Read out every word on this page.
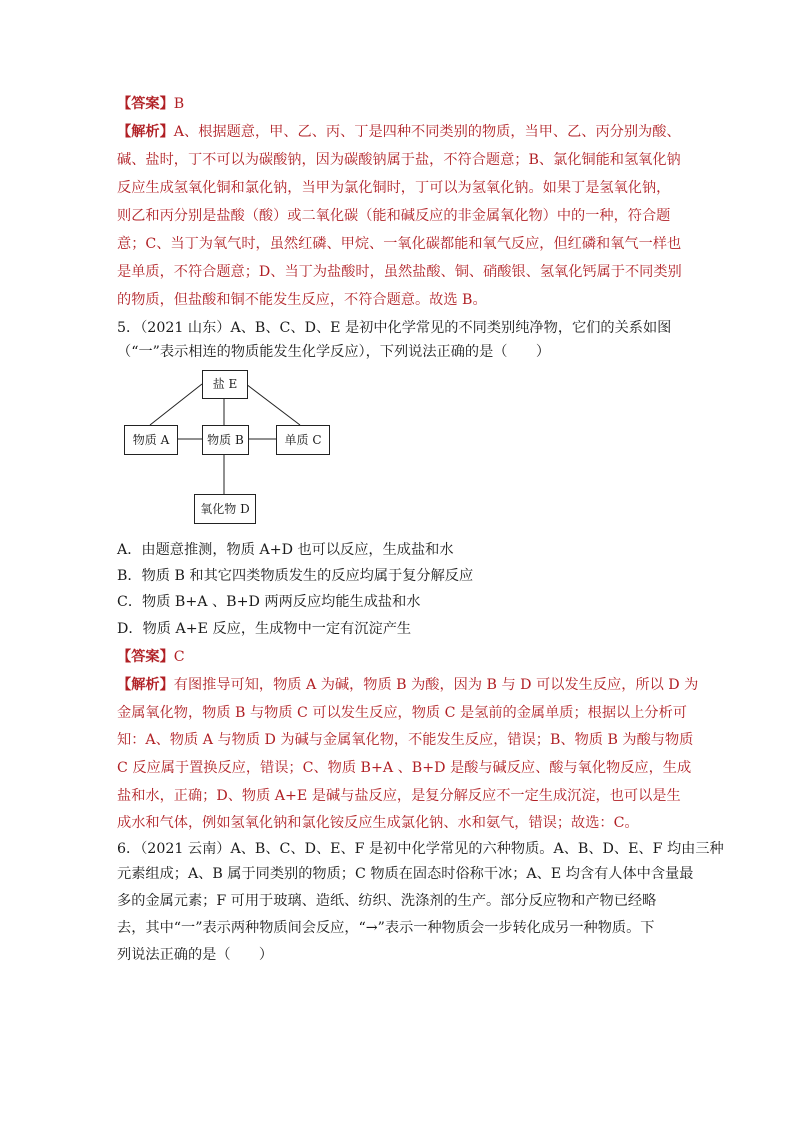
【答案】B
【解析】A、根据题意，甲、乙、丙、丁是四种不同类别的物质，当甲、乙、丙分别为酸、
碱、盐时，丁不可以为碳酸钠，因为碳酸钠属于盐，不符合题意；B、氯化铜能和氢氧化钠
反应生成氢氧化铜和氯化钠，当甲为氯化铜时，丁可以为氢氧化钠。如果丁是氢氧化钠，
则乙和丙分别是盐酸（酸）或二氧化碳（能和碱反应的非金属氧化物）中的一种，符合题
意；C、当丁为氧气时，虽然红磷、甲烷、一氧化碳都能和氧气反应，但红磷和氧气一样也
是单质，不符合题意；D、当丁为盐酸时，虽然盐酸、铜、硝酸银、氢氧化钙属于不同类别
的物质，但盐酸和铜不能发生反应，不符合题意。故选 B。
5．（2021 山东）A、B、C、D、E 是初中化学常见的不同类别纯净物，它们的关系如图
（“一”表示相连的物质能发生化学反应），下列说法正确的是（　　）
盐 E
物质 A	物质 B	单质 C
氧化物 D
A．由题意推测，物质 A+D 也可以反应，生成盐和水
B．物质 B 和其它四类物质发生的反应均属于复分解反应
C．物质 B+A 、B+D 两两反应均能生成盐和水
D．物质 A+E 反应，生成物中一定有沉淀产生
【答案】C
【解析】有图推导可知，物质 A 为碱，物质 B 为酸，因为 B 与 D 可以发生反应，所以 D 为
金属氧化物，物质 B 与物质 C 可以发生反应，物质 C 是氢前的金属单质；根据以上分析可
知：A、物质 A 与物质 D 为碱与金属氧化物，不能发生反应，错误；B、物质 B 为酸与物质
C 反应属于置换反应，错误；C、物质 B+A 、B+D 是酸与碱反应、酸与氧化物反应，生成
盐和水，正确；D、物质 A+E 是碱与盐反应，是复分解反应不一定生成沉淀，也可以是生
成水和气体，例如氢氧化钠和氯化铵反应生成氯化钠、水和氨气，错误；故选：C。
6．（2021 云南）A、B、C、D、E、F 是初中化学常见的六种物质。A、B、D、E、F 均由三种
元素组成；A、B 属于同类别的物质；C 物质在固态时俗称干冰；A、E 均含有人体中含量最
多的金属元素；F 可用于玻璃、造纸、纺织、洗涤剂的生产。部分反应物和产物已经略
去，其中“一”表示两种物质间会反应，“→”表示一种物质会一步转化成另一种物质。下
列说法正确的是（　　）
